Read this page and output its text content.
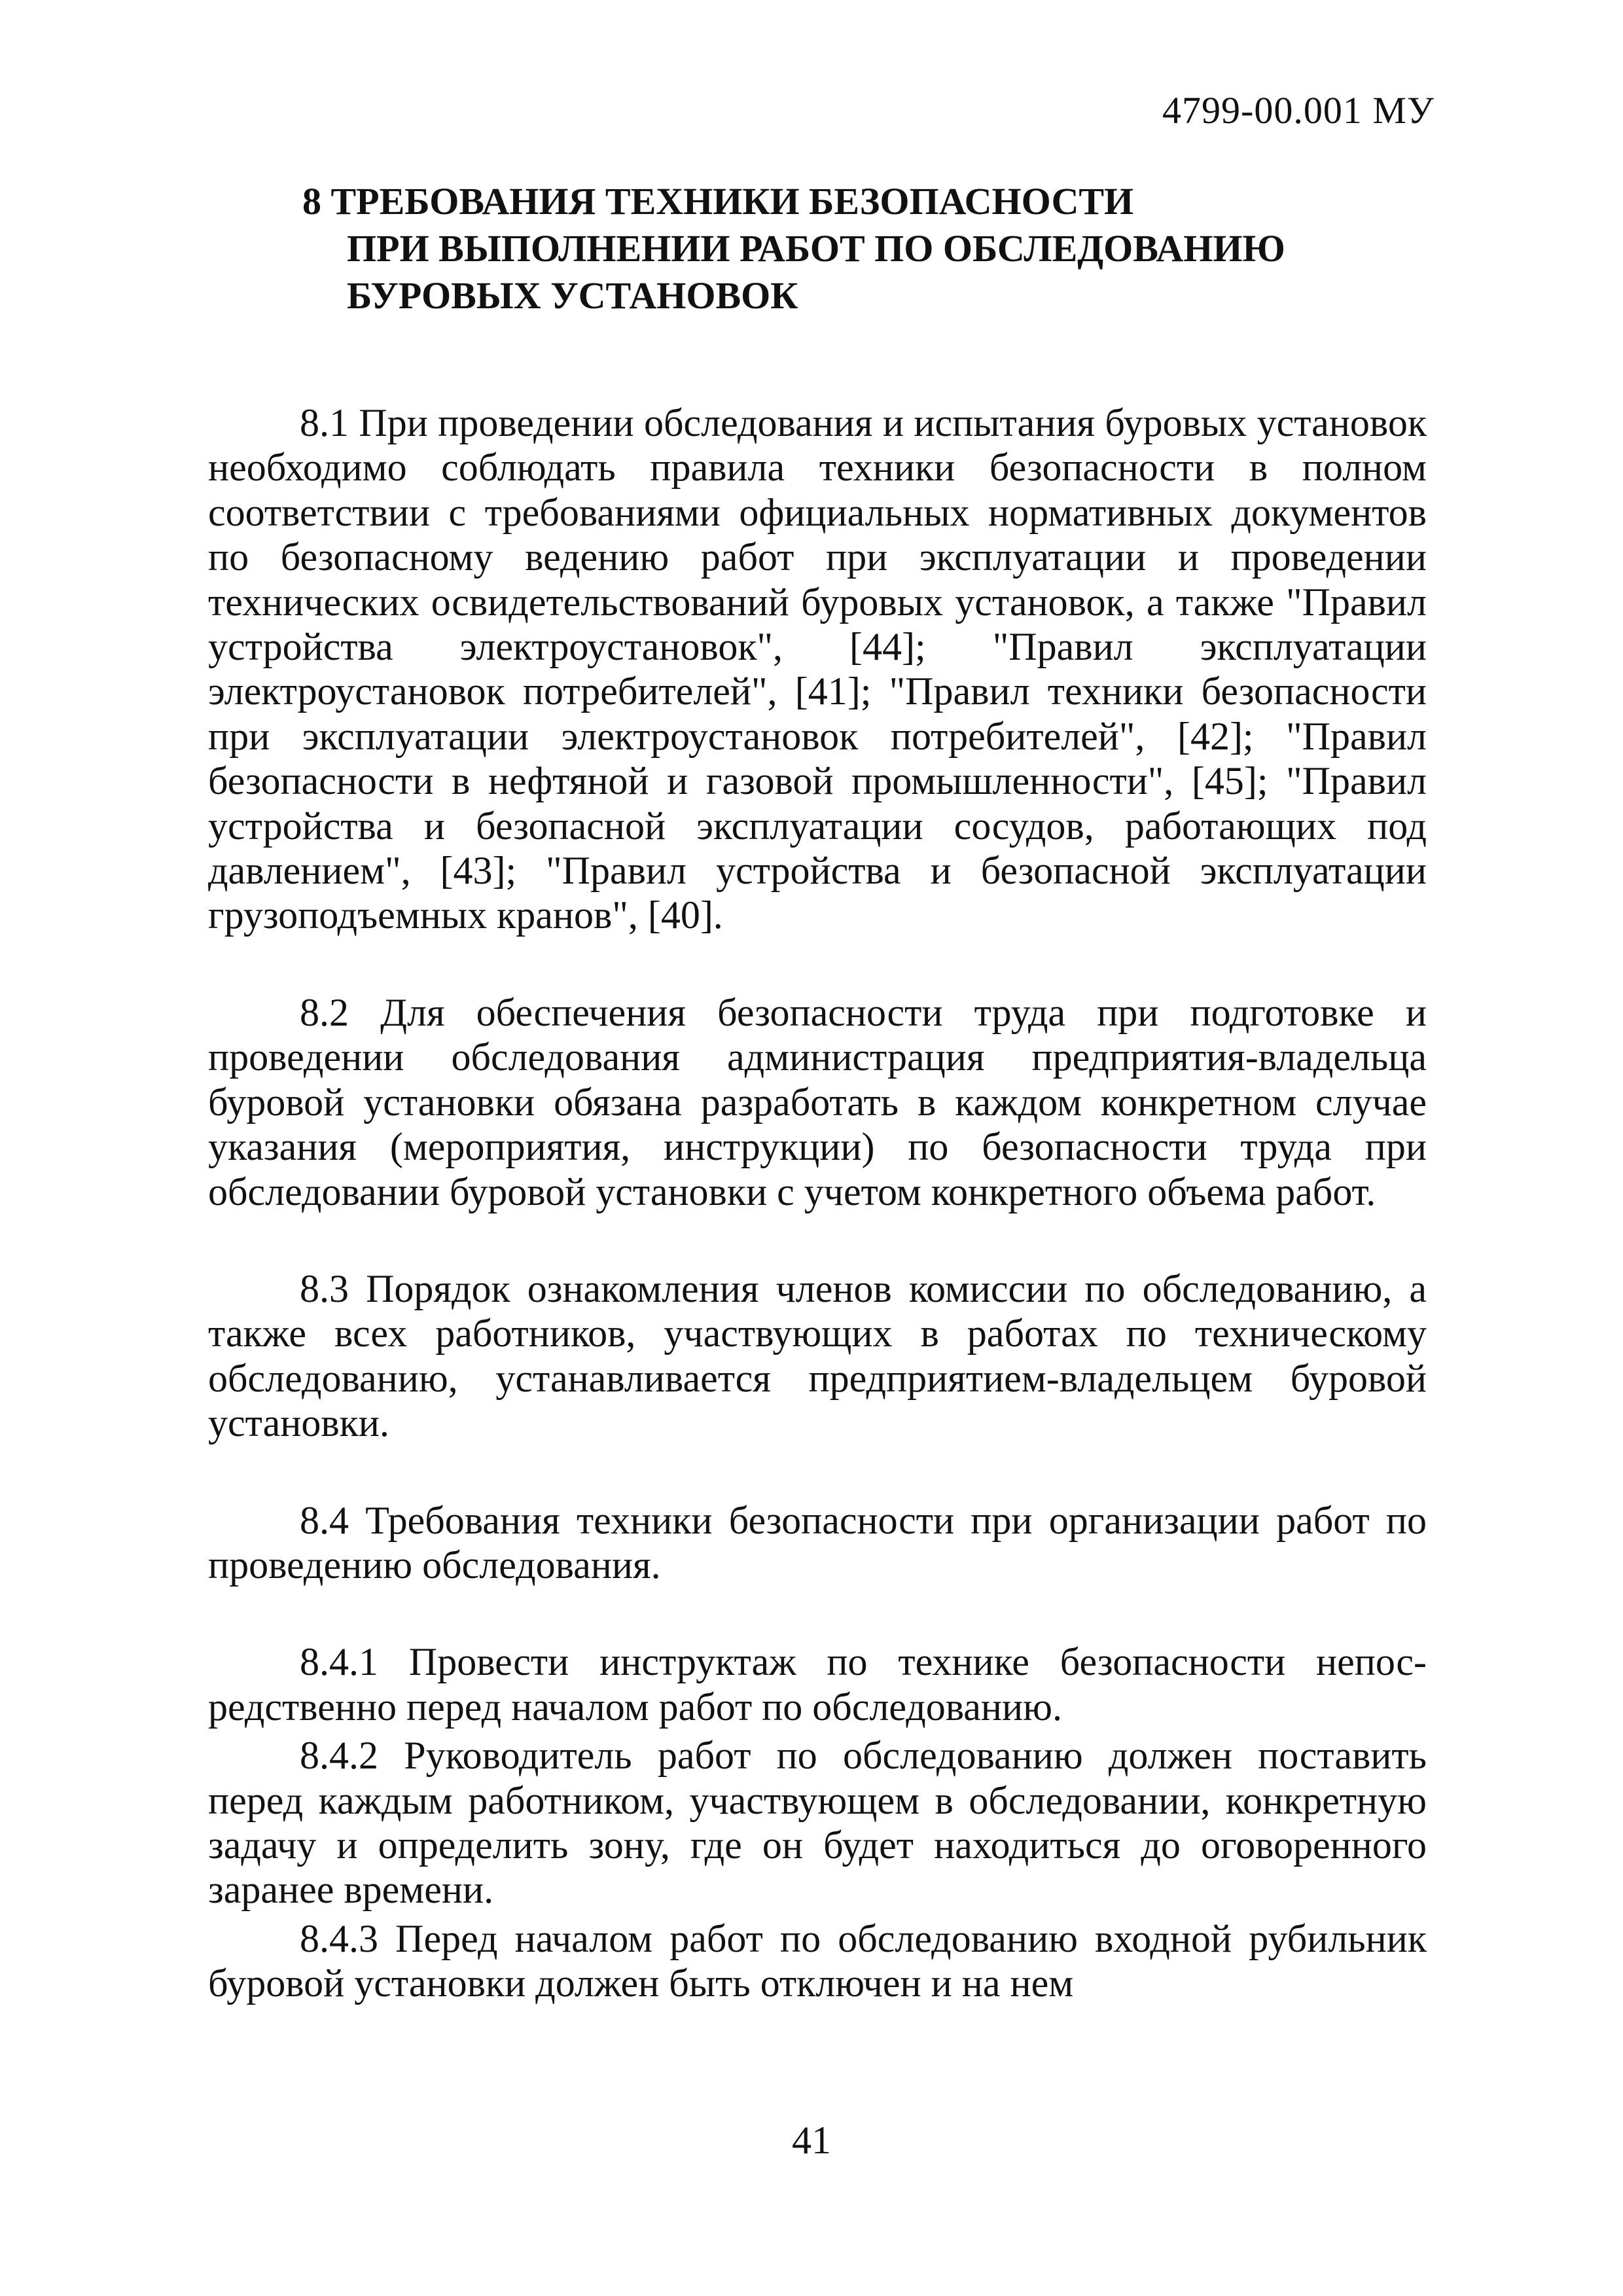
4799-00.001 МУ

8 ТРЕБОВАНИЯ ТЕХНИКИ БЕЗОПАСНОСТИ
ПРИ ВЫПОЛНЕНИИ РАБОТ ПО ОБСЛЕДОВАНИЮ
БУРОВЫХ УСТАНОВОК

8.1 При проведении обследования и испытания буровых установок необходимо соблюдать правила техники безопасности в полном соответствии с требованиями официальных нормативных документов по безопасному ведению работ при эксплуатации и проведении технических освидетельствований буровых установок, а также "Правил устройства электроустановок", [44]; "Правил эксплуатации электроустановок потребителей", [41]; "Правил техники безопасности при эксплуатации электроустановок потребителей", [42]; "Правил безопасности в нефтяной и газовой промышленности", [45]; "Правил устройства и безопасной эксплуатации сосудов, работающих под давлением", [43]; "Правил устройства и безопасной эксплуатации грузоподъемных кранов", [40].

8.2 Для обеспечения безопасности труда при подготовке и проведении обследования администрация предприятия-владельца буровой установки обязана разработать в каждом конкретном случае указания (мероприятия, инструкции) по безопасности труда при обследовании буровой установки с учетом конкретного объема работ.

8.3 Порядок ознакомления членов комиссии по обследованию, а также всех работников, участвующих в работах по техническому обследованию, устанавливается предприятием-владельцем буровой установки.

8.4 Требования техники безопасности при организации работ по проведению обследования.

8.4.1 Провести инструктаж по технике безопасности непосредственно перед началом работ по обследованию.

8.4.2 Руководитель работ по обследованию должен поставить перед каждым работником, участвующем в обследовании, конкретную задачу и определить зону, где он будет находиться до оговоренного заранее времени.

8.4.3 Перед началом работ по обследованию входной рубильник буровой установки должен быть отключен и на нем

41
